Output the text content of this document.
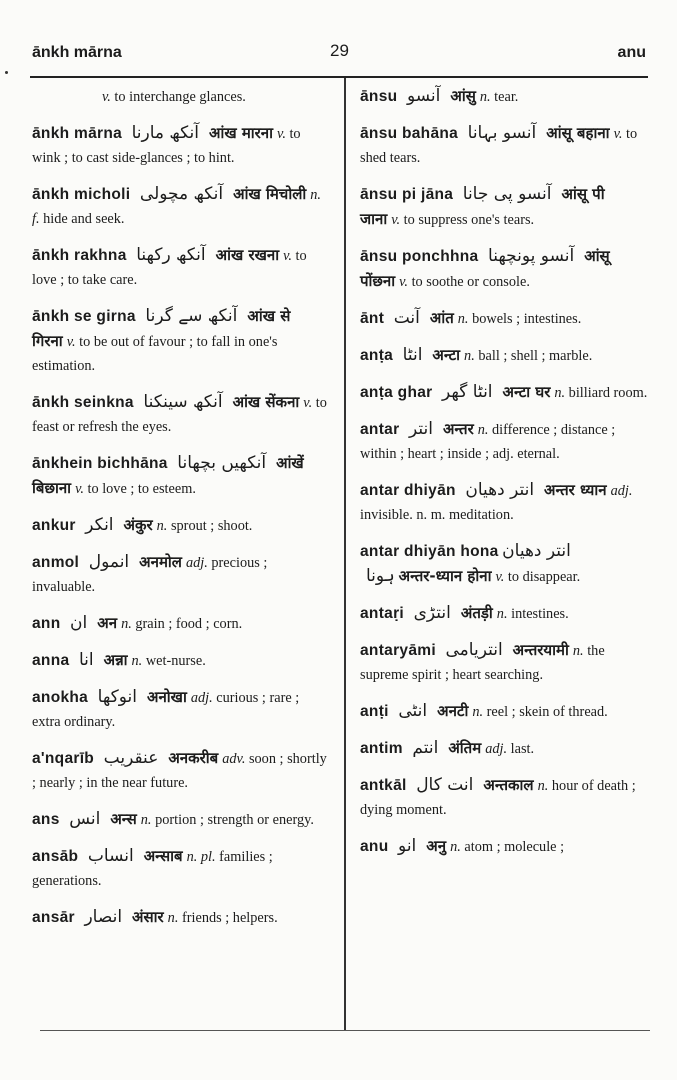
ānkh mārna	29	anu
v. to interchange glances.
ānkh mārna آنکھ مارنا आंख मारना v. to wink ; to cast side-glances ; to hint.
ānkh micholi آنکھ مچولی आंख मिचोली n. f. hide and seek.
ānkh rakhna آنکھ رکھنا आंख रखना v. to love ; to take care.
ānkh se girna آنکھ سے گرنا आंख से गिरना v. to be out of favour ; to fall in one's estimation.
ānkh seinkna آنکھ سینکنا आंख सेंकना v. to feast or refresh the eyes.
ānkhein bichhāna آنکھیں بچھانا आंखें बिछाना v. to love ; to esteem.
ankur انکر अंकुर n. sprout ; shoot.
anmol انمول अनमोल adj. precious ; invaluable.
ann ان अन n. grain ; food ; corn.
anna انا अन्ना n. wet-nurse.
anokha انوکھا अनोखा adj. curious ; rare ; extra ordinary.
a'nqarīb عنقریب अनकरीब adv. soon ; shortly ; nearly ; in the near future.
ans انس अन्स n. portion ; strength or energy.
ansāb انساب अन्साब n. pl. families ; generations.
ansār انصار अंसार n. friends ; helpers.
ānsu آنسو आंसु n. tear.
ānsu bahāna آنسو بہانا आंसू बहाना v. to shed tears.
ānsu pi jāna آنسو پی جانا आंसू पी जाना v. to suppress one's tears.
ānsu ponchhna آنسو پونچھنا आंसू पोंछना v. to soothe or console.
ānt آنت आंत n. bowels ; intestines.
anṭa انٹا अन्टा n. ball ; shell ; marble.
anṭa ghar انٹا گھر अन्टा घर n. billiard room.
antar انتر अन्तर n. difference ; distance ; within ; heart ; inside ; adj. eternal.
antar dhiyān انتر دھیان अन्तर ध्यान adj. invisible. n. m. meditation.
antar dhiyān hona انتر دھیان ہونا अन्तर-ध्यान होना v. to disappear.
antaṛi انتڑی अंतड़ी n. intestines.
antaryāmi انتریامی अन्तरयामी n. the supreme spirit ; heart searching.
anṭi انٹی अनटी n. reel ; skein of thread.
antim انتم अंतिम adj. last.
antkāl انت کال अन्तकाल n. hour of death ; dying moment.
anu انو अनु n. atom ; molecule ;
